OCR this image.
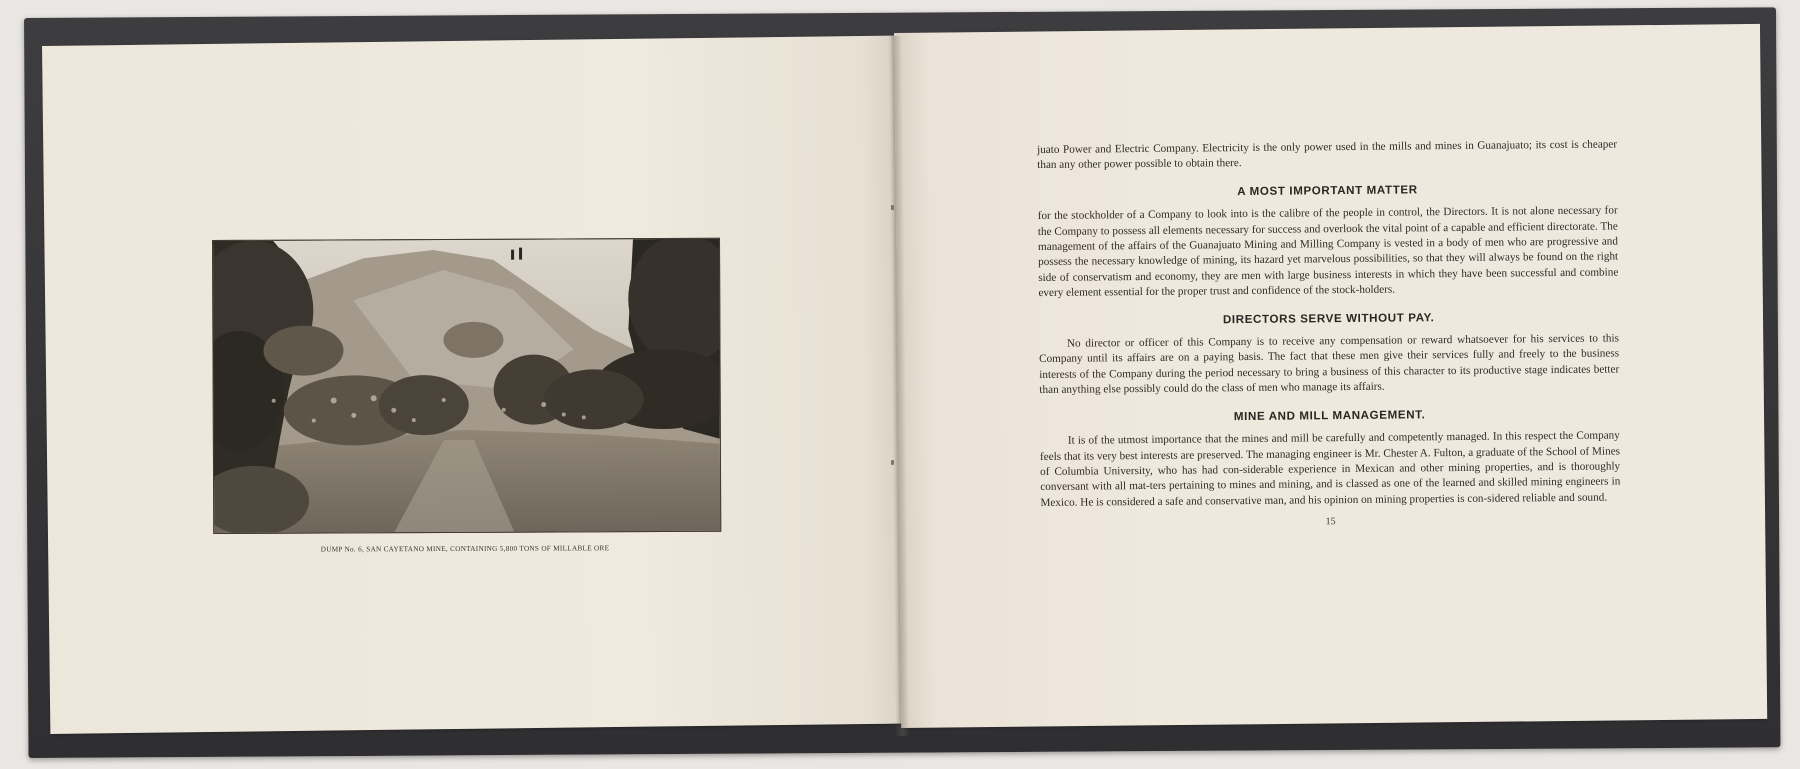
DUMP No. 6, SAN CAYETANO MINE, CONTAINING 5,800 TONS OF MILLABLE ORE

juato Power and Electric Company. Electricity is the only power used in the mills and mines in Guanajuato; its cost is cheaper than any other power possible to obtain there.

A MOST IMPORTANT MATTER

for the stockholder of a Company to look into is the calibre of the people in control, the Directors. It is not alone necessary for the Company to possess all elements necessary for success and overlook the vital point of a capable and efficient directorate. The management of the affairs of the Guanajuato Mining and Milling Company is vested in a body of men who are progressive and possess the necessary knowledge of mining, its hazard yet marvelous possibilities, so that they will always be found on the right side of conservatism and economy, they are men with large business interests in which they have been successful and combine every element essential for the proper trust and confidence of the stock-holders.

DIRECTORS SERVE WITHOUT PAY.

No director or officer of this Company is to receive any compensation or reward whatsoever for his services to this Company until its affairs are on a paying basis. The fact that these men give their services fully and freely to the business interests of the Company during the period necessary to bring a business of this character to its productive stage indicates better than anything else possibly could do the class of men who manage its affairs.

MINE AND MILL MANAGEMENT.

It is of the utmost importance that the mines and mill be carefully and competently managed. In this respect the Company feels that its very best interests are preserved. The managing engineer is Mr. Chester A. Fulton, a graduate of the School of Mines of Columbia University, who has had con-siderable experience in Mexican and other mining properties, and is thoroughly conversant with all mat-ters pertaining to mines and mining, and is classed as one of the learned and skilled mining engineers in Mexico. He is considered a safe and conservative man, and his opinion on mining properties is con-sidered reliable and sound.

15
